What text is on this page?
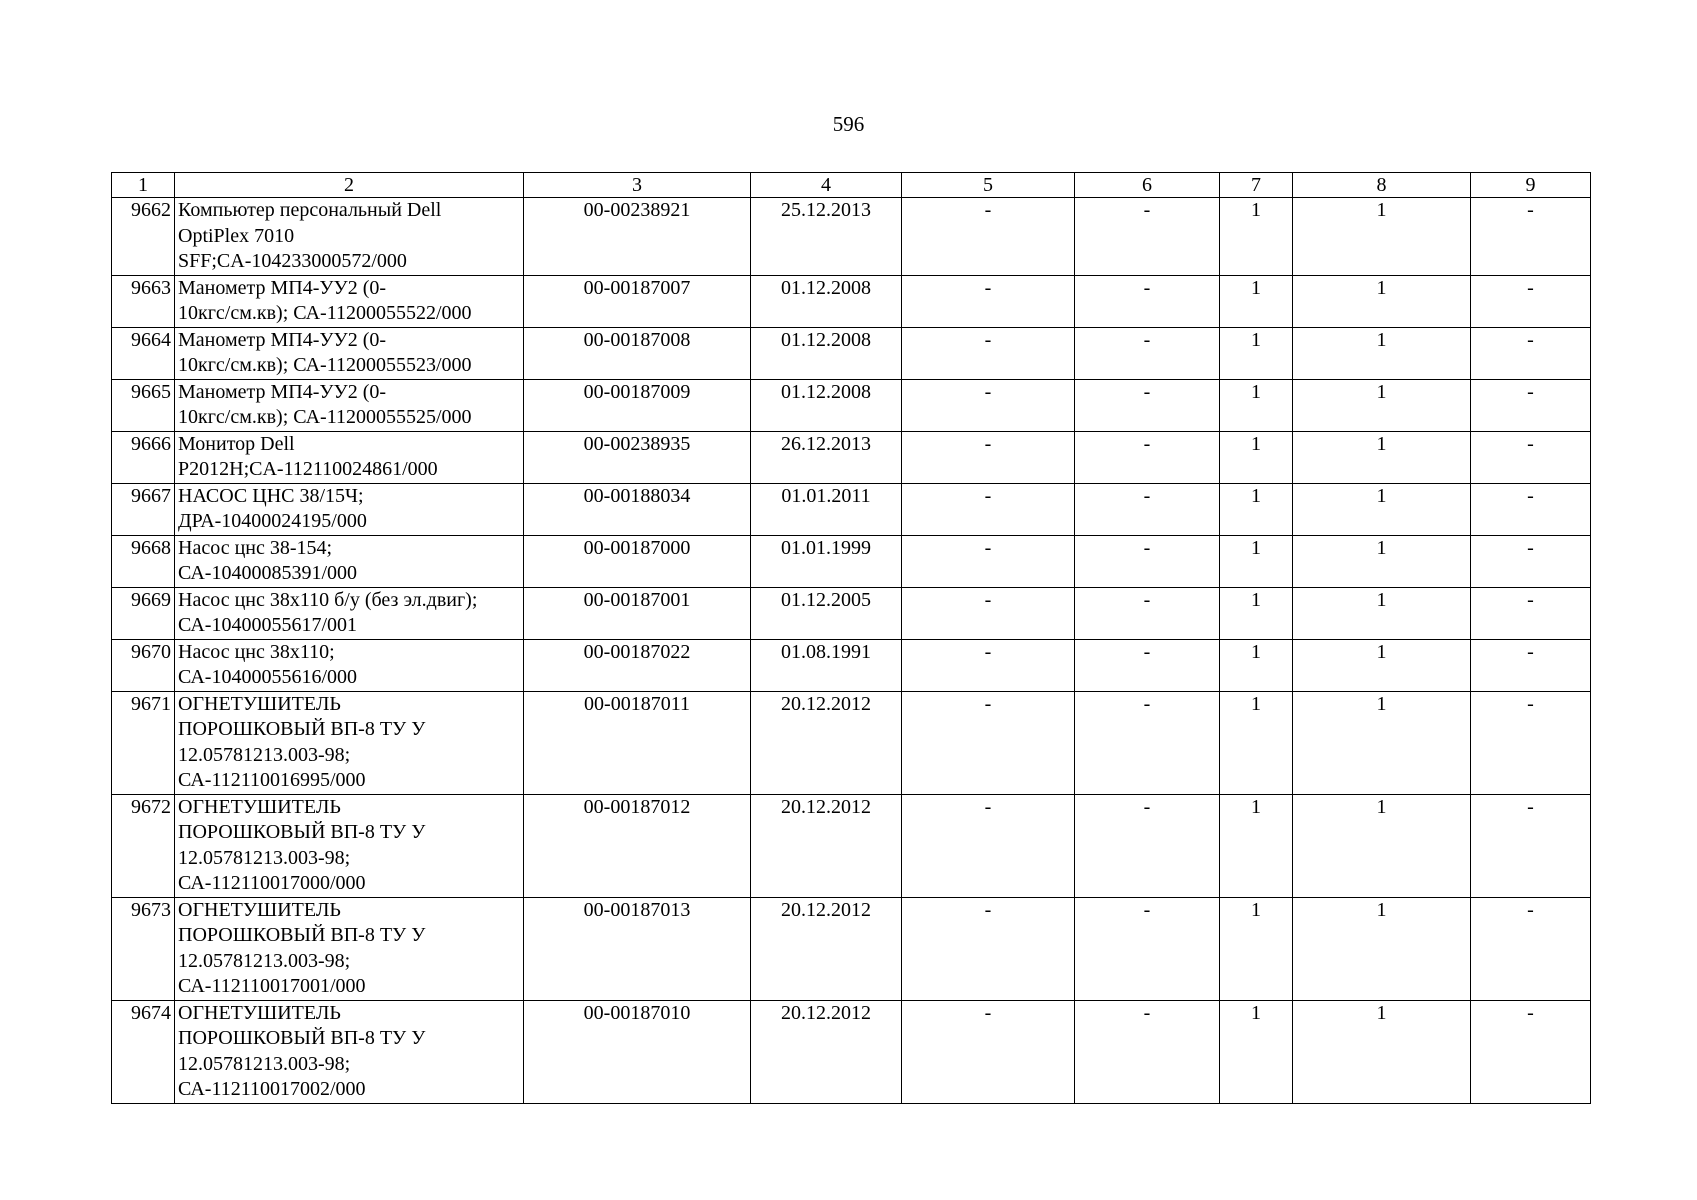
596
1	2	3	4	5	6	7	8	9
9662	Компьютер персональный Dell
OptiPlex 7010
SFF;CA-104233000572/000	00-00238921	25.12.2013	-	-	1	1	-
9663	Манометр МП4-УУ2 (0-
10кгс/см.кв); СА-11200055522/000	00-00187007	01.12.2008	-	-	1	1	-
9664	Манометр МП4-УУ2 (0-
10кгс/см.кв); СА-11200055523/000	00-00187008	01.12.2008	-	-	1	1	-
9665	Манометр МП4-УУ2 (0-
10кгс/см.кв); СА-11200055525/000	00-00187009	01.12.2008	-	-	1	1	-
9666	Монитор Dell
P2012H;CA-112110024861/000	00-00238935	26.12.2013	-	-	1	1	-
9667	НАСОС ЦНС 38/15Ч;
ДРА-10400024195/000	00-00188034	01.01.2011	-	-	1	1	-
9668	Насос цнс 38-154;
СА-10400085391/000	00-00187000	01.01.1999	-	-	1	1	-
9669	Насос цнс 38х110 б/у (без эл.двиг);
СА-10400055617/001	00-00187001	01.12.2005	-	-	1	1	-
9670	Насос цнс 38х110;
СА-10400055616/000	00-00187022	01.08.1991	-	-	1	1	-
9671	ОГНЕТУШИТЕЛЬ
ПОРОШКОВЫЙ ВП-8 ТУ У
12.05781213.003-98;
СА-112110016995/000	00-00187011	20.12.2012	-	-	1	1	-
9672	ОГНЕТУШИТЕЛЬ
ПОРОШКОВЫЙ ВП-8 ТУ У
12.05781213.003-98;
СА-112110017000/000	00-00187012	20.12.2012	-	-	1	1	-
9673	ОГНЕТУШИТЕЛЬ
ПОРОШКОВЫЙ ВП-8 ТУ У
12.05781213.003-98;
СА-112110017001/000	00-00187013	20.12.2012	-	-	1	1	-
9674	ОГНЕТУШИТЕЛЬ
ПОРОШКОВЫЙ ВП-8 ТУ У
12.05781213.003-98;
СА-112110017002/000	00-00187010	20.12.2012	-	-	1	1	-
